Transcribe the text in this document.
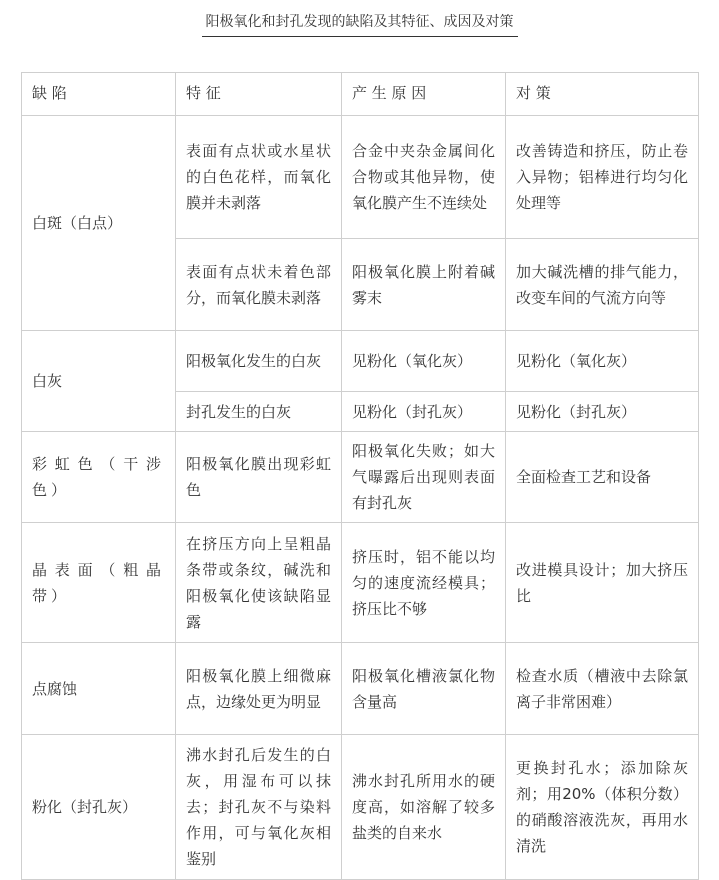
阳极氧化和封孔发现的缺陷及其特征、成因及对策
缺 陷	特 征	产 生 原 因	对 策
白斑（白点）	表面有点状或水星状的白色花样，而氧化膜并未剥落	合金中夹杂金属间化合物或其他异物，使氧化膜产生不连续处	改善铸造和挤压，防止卷入异物；铝棒进行均匀化处理等
	表面有点状未着色部分，而氧化膜未剥落	阳极氧化膜上附着碱雾末	加大碱洗槽的排气能力，改变车间的气流方向等
白灰	阳极氧化发生的白灰	见粉化（氧化灰）	见粉化（氧化灰）
	封孔发生的白灰	见粉化（封孔灰）	见粉化（封孔灰）
彩虹色（干涉色）	阳极氧化膜出现彩虹色	阳极氧化失败；如大气曝露后出现则表面有封孔灰	全面检查工艺和设备
晶表面（粗晶带）	在挤压方向上呈粗晶条带或条纹，碱洗和阳极氧化使该缺陷显露	挤压时，铝不能以均匀的速度流经模具；挤压比不够	改进模具设计；加大挤压比
点腐蚀	阳极氧化膜上细微麻点，边缘处更为明显	阳极氧化槽液氯化物含量高	检查水质（槽液中去除氯离子非常困难）
粉化（封孔灰）	沸水封孔后发生的白灰，用湿布可以抹去；封孔灰不与染料作用，可与氧化灰相鉴别	沸水封孔所用水的硬度高，如溶解了较多盐类的自来水	更换封孔水；添加除灰剂；用20%（体积分数）的硝酸溶液洗灰，再用水清洗
